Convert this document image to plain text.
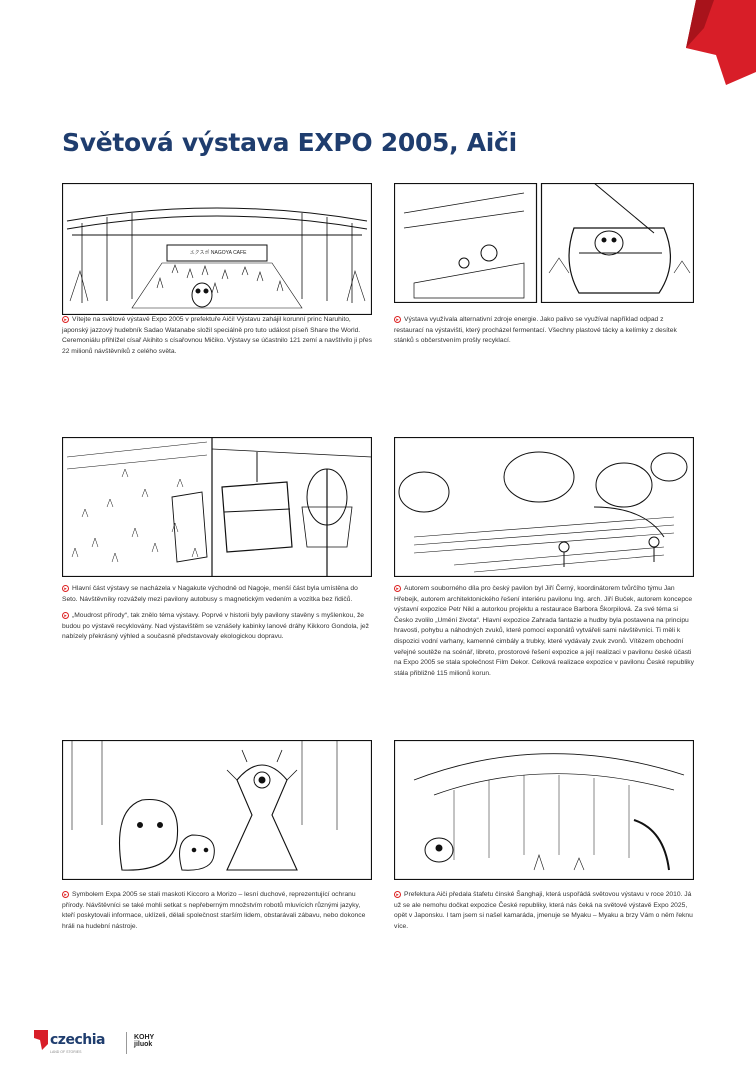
Světová výstava EXPO 2005, Aiči
エクスポ NAGOYA CAFE

▸ Vítejte na světové výstavě Expo 2005 v prefektuře Aiči! Výstavu zahájil korunní princ Naruhito, japonský jazzový hudebník Sadao Watanabe složil speciálně pro tuto událost píseň Share the World. Ceremoniálu přihlížel císař Akihito s císařovnou Mičiko. Výstavy se účastnilo 121 zemí a navštívilo ji přes 22 milionů návštěvníků z celého světa.

▸ Výstava využívala alternativní zdroje energie. Jako palivo se využíval například odpad z restaurací na výstavišti, který procházel fermentací. Všechny plastové tácky a kelímky z desítek stánků s občerstvením prošly recyklací.

▸ Hlavní část výstavy se nacházela v Nagakute východně od Nagoje, menší část byla umístěna do Seto. Návštěvníky rozvážely mezi pavilony autobusy s magnetickým vedením a vozítka bez řidičů.

▸ „Moudrost přírody“, tak znělo téma výstavy. Poprvé v historii byly pavilony stavěny s myšlenkou, že budou po výstavě recyklovány. Nad výstavištěm se vznášely kabinky lanové dráhy Kikkoro Gondola, jež nabízely překrásný výhled a současně představovaly ekologickou dopravu.

▸ Autorem souborného díla pro český pavilon byl Jiří Černý, koordinátorem tvůrčího týmu Jan Hřebejk, autorem architektonického řešení interiéru pavilonu Ing. arch. Jiří Buček, autorem koncepce výstavní expozice Petr Nikl a autorkou projektu a restaurace Barbora Škorpilová. Za své téma si Česko zvolilo „Umění života“. Hlavní expozice Zahrada fantazie a hudby byla postavena na principu hravosti, pohybu a náhodných zvuků, které pomocí exponátů vytvářeli sami návštěvníci. Ti měli k dispozici vodní varhany, kamenné cimbály a trubky, které vydávaly zvuk zvonů. Vítězem obchodní veřejné soutěže na scénář, libreto, prostorové řešení expozice a její realizaci v pavilonu české účasti na Expo 2005 se stala společnost Film Dekor. Celková realizace expozice v pavilonu České republiky stála přibližně 115 milionů korun.

▸ Symbolem Expa 2005 se stali maskoti Kiccoro a Morizo – lesní duchové, reprezentující ochranu přírody. Návštěvníci se také mohli setkat s nepřeberným množstvím robotů mluvících různými jazyky, kteří poskytovali informace, uklízeli, dělali společnost starším lidem, obstarávali zábavu, nebo dokonce hráli na hudební nástroje.

▸ Prefektura Aiči předala štafetu čínské Šanghaji, která uspořádá světovou výstavu v roce 2010. Já už se ale nemohu dočkat expozice České republiky, která nás čeká na světové výstavě Expo 2025, opět v Japonsku. I tam jsem si našel kamaráda, jmenuje se Myaku – Myaku a brzy Vám o něm řeknu více.

czechia
LAND OF STORIES
KOHY
jiluok
